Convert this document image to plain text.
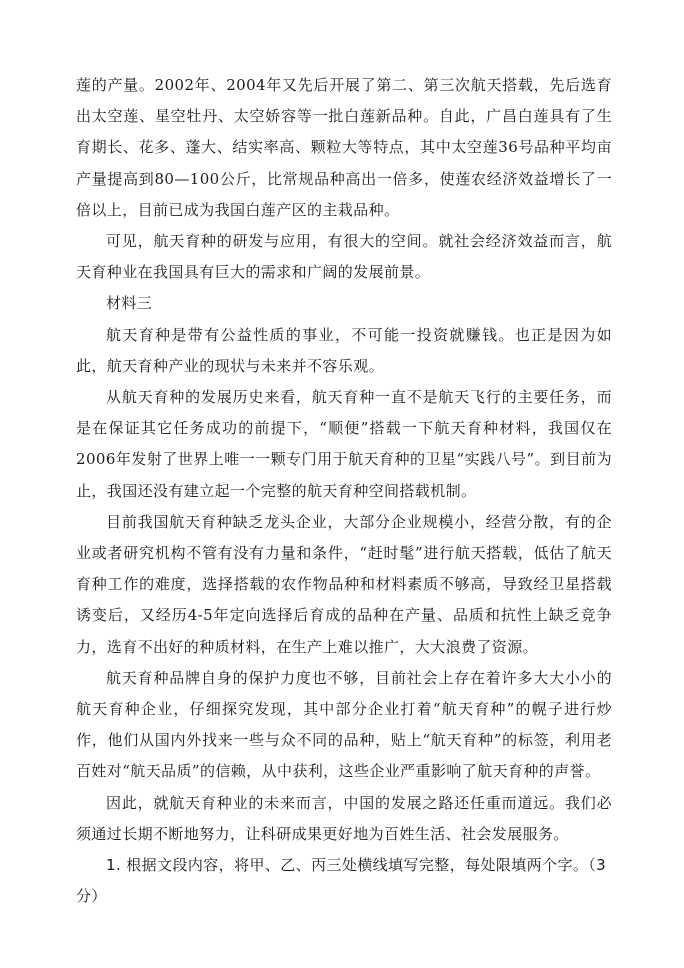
莲的产量。2002年、2004年又先后开展了第二、第三次航天搭载，先后选育出太空莲、星空牡丹、太空娇容等一批白莲新品种。自此，广昌白莲具有了生育期长、花多、蓬大、结实率高、颗粒大等特点，其中太空莲36号品种平均亩产量提高到80—100公斤，比常规品种高出一倍多，使莲农经济效益增长了一倍以上，目前已成为我国白莲产区的主栽品种。

可见，航天育种的研发与应用，有很大的空间。就社会经济效益而言，航天育种业在我国具有巨大的需求和广阔的发展前景。

材料三

航天育种是带有公益性质的事业，不可能一投资就赚钱。也正是因为如此，航天育种产业的现状与未来并不容乐观。

从航天育种的发展历史来看，航天育种一直不是航天飞行的主要任务，而是在保证其它任务成功的前提下，“顺便”搭载一下航天育种材料，我国仅在2006年发射了世界上唯一一颗专门用于航天育种的卫星“实践八号”。到目前为止，我国还没有建立起一个完整的航天育种空间搭载机制。

目前我国航天育种缺乏龙头企业，大部分企业规模小，经营分散，有的企业或者研究机构不管有没有力量和条件，“赶时髦”进行航天搭载，低估了航天育种工作的难度，选择搭载的农作物品种和材料素质不够高，导致经卫星搭载诱变后，又经历4-5年定向选择后育成的品种在产量、品质和抗性上缺乏竞争力，选育不出好的种质材料，在生产上难以推广，大大浪费了资源。

航天育种品牌自身的保护力度也不够，目前社会上存在着许多大大小小的航天育种企业，仔细探究发现，其中部分企业打着“航天育种”的幌子进行炒作，他们从国内外找来一些与众不同的品种，贴上“航天育种”的标签，利用老百姓对“航天品质”的信赖，从中获利，这些企业严重影响了航天育种的声誉。

因此，就航天育种业的未来而言，中国的发展之路还任重而道远。我们必须通过长期不断地努力，让科研成果更好地为百姓生活、社会发展服务。

1. 根据文段内容，将甲、乙、丙三处横线填写完整，每处限填两个字。（3分）
